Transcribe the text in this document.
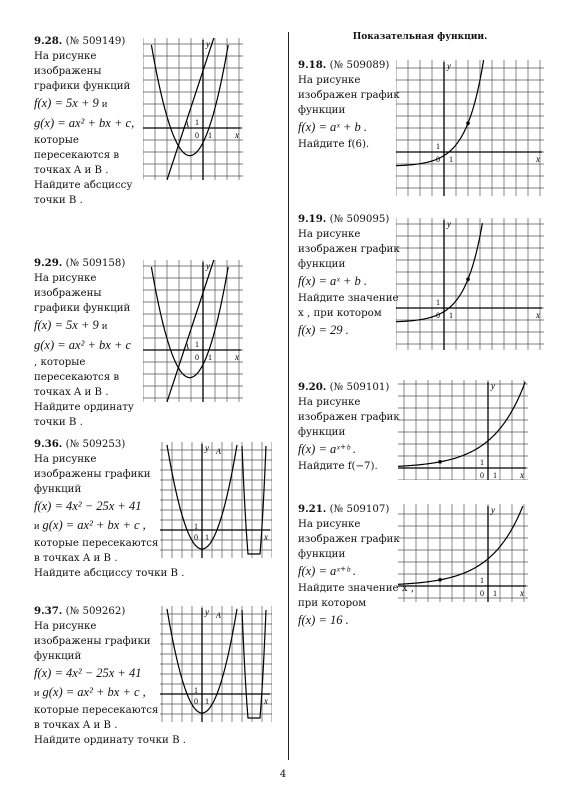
Показательная функции.
4
9.28. (№ 509149)
На рисунке
изображены
графики функций
f(x) = 5x + 9 и
g(x) = ax² + bx + c,
которые
пересекаются в
точках A и B .
Найдите абсциссу
точки B .
y
x
0 1
1
A
9.29. (№ 509158)
На рисунке
изображены
графики функций
f(x) = 5x + 9 и
g(x) = ax² + bx + c
, которые
пересекаются в
точках A и B .
Найдите ординату
точки B .
y
x
0 1
1
A
9.36. (№ 509253)
На рисунке
изображены графики
функций
f(x) = 4x² − 25x + 41
и g(x) = ax² + bx + c ,
которые пересекаются
в точках A и B .
Найдите абсциссу точки B .
y
x
0 1
1
A
9.37. (№ 509262)
На рисунке
изображены графики
функций
f(x) = 4x² − 25x + 41
и g(x) = ax² + bx + c ,
которые пересекаются
в точках A и B .
Найдите ординату точки B .
y
x
0 1
1
A
9.18. (№ 509089)
На рисунке
изображен график
функции
f(x) = aˣ + b .
Найдите f(6).
y
x
0 1
1
9.19. (№ 509095)
На рисунке
изображен график
функции
f(x) = aˣ + b .
Найдите значение
x , при котором
f(x) = 29 .
y
x
0 1
1
9.20. (№ 509101)
На рисунке
изображен график
функции
f(x) = aˣ⁺ᵇ .
Найдите f(−7).
y
x
0 1
1
9.21. (№ 509107)
На рисунке
изображен график
функции
f(x) = aˣ⁺ᵇ .
Найдите значение x ,
при котором
f(x) = 16 .
y
x
0 1
1
